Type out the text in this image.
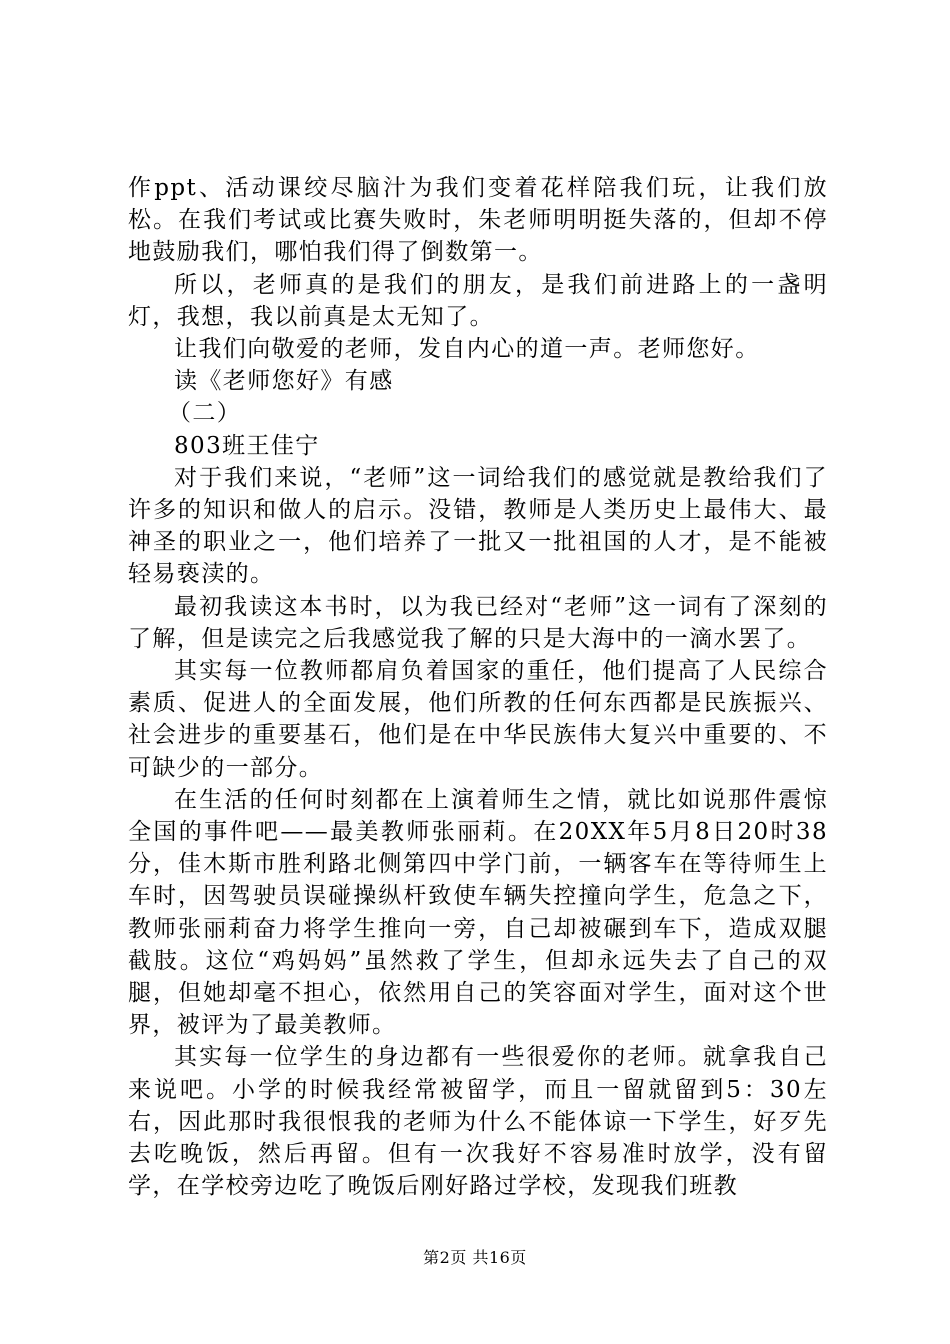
作ppt、活动课绞尽脑汁为我们变着花样陪我们玩，让我们放松。在我们考试或比赛失败时，朱老师明明挺失落的，但却不停地鼓励我们，哪怕我们得了倒数第一。

所以，老师真的是我们的朋友，是我们前进路上的一盏明灯，我想，我以前真是太无知了。

让我们向敬爱的老师，发自内心的道一声。老师您好。

读《老师您好》有感

（二）

803班王佳宁

对于我们来说，“老师”这一词给我们的感觉就是教给我们了许多的知识和做人的启示。没错，教师是人类历史上最伟大、最神圣的职业之一，他们培养了一批又一批祖国的人才，是不能被轻易亵渎的。

最初我读这本书时，以为我已经对“老师”这一词有了深刻的了解，但是读完之后我感觉我了解的只是大海中的一滴水罢了。

其实每一位教师都肩负着国家的重任，他们提高了人民综合素质、促进人的全面发展，他们所教的任何东西都是民族振兴、社会进步的重要基石，他们是在中华民族伟大复兴中重要的、不可缺少的一部分。

在生活的任何时刻都在上演着师生之情，就比如说那件震惊全国的事件吧——最美教师张丽莉。在20XX年5月8日20时38分，佳木斯市胜利路北侧第四中学门前，一辆客车在等待师生上车时，因驾驶员误碰操纵杆致使车辆失控撞向学生，危急之下，教师张丽莉奋力将学生推向一旁，自己却被碾到车下，造成双腿截肢。这位“鸡妈妈”虽然救了学生，但却永远失去了自己的双腿，但她却毫不担心，依然用自己的笑容面对学生，面对这个世界，被评为了最美教师。

其实每一位学生的身边都有一些很爱你的老师。就拿我自己来说吧。小学的时候我经常被留学，而且一留就留到5：30左右，因此那时我很恨我的老师为什么不能体谅一下学生，好歹先去吃晚饭，然后再留。但有一次我好不容易准时放学，没有留学，在学校旁边吃了晚饭后刚好路过学校，发现我们班教

第2页 共16页
